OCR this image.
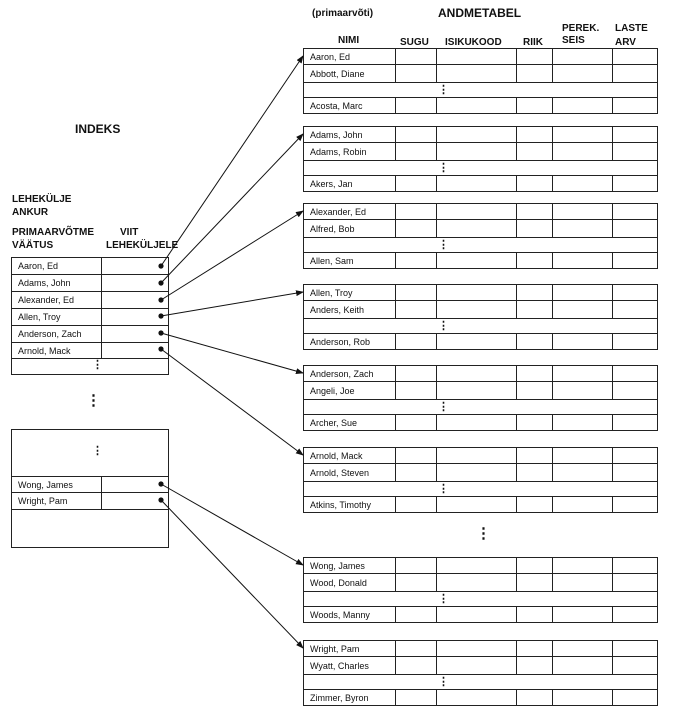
(primaarvõti)	ANDMETABEL
INDEKS
NIMI	SUGU ISIKUKOOD RIIK
PEREK.
SEIS
LASTE
ARV
LEHEKÜLJE
ANKUR
PRIMAARVÕTME
VÄÄTUS
VIIT
LEHEKÜLJELE
Aaron, Ed
Adams, John
Alexander, Ed
Allen, Troy
Anderson, Zach
Arnold, Mack
⋮
⋮
⋮
Wong, James
Wright, Pam
Aaron, Ed
Abbott, Diane
⋮
Acosta, Marc
Adams, John
Adams, Robin
⋮
Akers, Jan
Alexander, Ed
Alfred, Bob
⋮
Allen, Sam
Allen, Troy
Anders, Keith
⋮
Anderson, Rob
Anderson, Zach
Angeli, Joe
⋮
Archer, Sue
Arnold, Mack
Arnold, Steven
⋮
Atkins, Timothy
Wong, James
Wood, Donald
⋮
Woods, Manny
Wright, Pam
Wyatt, Charles
⋮
Zimmer, Byron
⋮
